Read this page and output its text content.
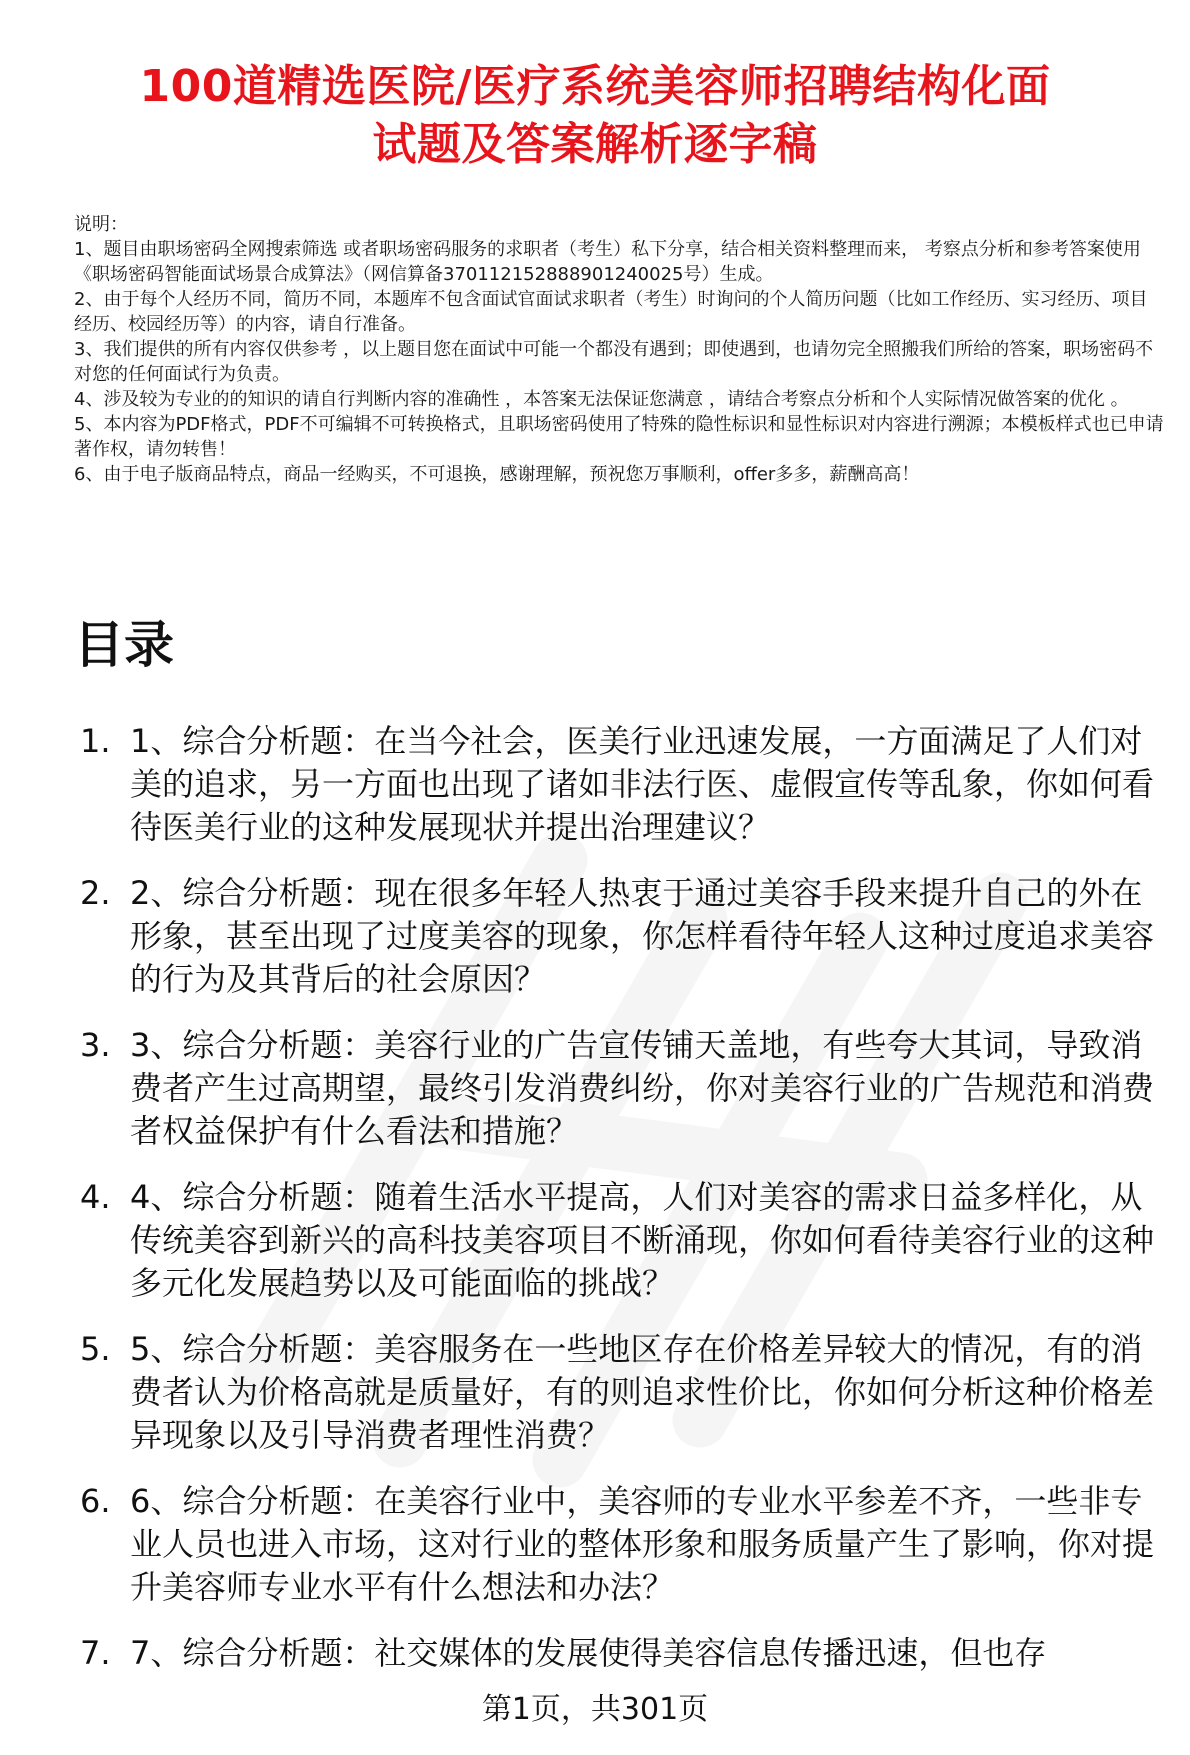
100道精选医院/医疗系统美容师招聘结构化面
试题及答案解析逐字稿
说明：

1、题目由职场密码全网搜索筛选 或者职场密码服务的求职者（考生）私下分享，结合相关资料整理而来， 考察点分析和参考答案使用《职场密码智能面试场景合成算法》（网信算备370112152888901240025号）生成。

2、由于每个人经历不同，简历不同，本题库不包含面试官面试求职者（考生）时询问的个人简历问题（比如工作经历、实习经历、项目经历、校园经历等）的内容，请自行准备。

3、我们提供的所有内容仅供参考 ，以上题目您在面试中可能一个都没有遇到；即使遇到，也请勿完全照搬我们所给的答案，职场密码不对您的任何面试行为负责。

4、涉及较为专业的的知识的请自行判断内容的准确性 ，本答案无法保证您满意 ，请结合考察点分析和个人实际情况做答案的优化 。

5、本内容为PDF格式，PDF不可编辑不可转换格式，且职场密码使用了特殊的隐性标识和显性标识对内容进行溯源；本模板样式也已申请著作权，请勿转售！

6、由于电子版商品特点，商品一经购买，不可退换，感谢理解，预祝您万事顺利，offer多多，薪酬高高！

目录
1. 1、综合分析题：在当今社会，医美行业迅速发展，一方面满足了人们对美的追求，另一方面也出现了诸如非法行医、虚假宣传等乱象，你如何看待医美行业的这种发展现状并提出治理建议？
2. 2、综合分析题：现在很多年轻人热衷于通过美容手段来提升自己的外在形象，甚至出现了过度美容的现象，你怎样看待年轻人这种过度追求美容的行为及其背后的社会原因？
3. 3、综合分析题：美容行业的广告宣传铺天盖地，有些夸大其词，导致消费者产生过高期望，最终引发消费纠纷，你对美容行业的广告规范和消费者权益保护有什么看法和措施？
4. 4、综合分析题：随着生活水平提高，人们对美容的需求日益多样化，从传统美容到新兴的高科技美容项目不断涌现，你如何看待美容行业的这种多元化发展趋势以及可能面临的挑战？
5. 5、综合分析题：美容服务在一些地区存在价格差异较大的情况，有的消费者认为价格高就是质量好，有的则追求性价比，你如何分析这种价格差异现象以及引导消费者理性消费？
6. 6、综合分析题：在美容行业中，美容师的专业水平参差不齐，一些非专业人员也进入市场，这对行业的整体形象和服务质量产生了影响，你对提升美容师专业水平有什么想法和办法？
7. 7、综合分析题：社交媒体的发展使得美容信息传播迅速，但也存
第1页，共301页
